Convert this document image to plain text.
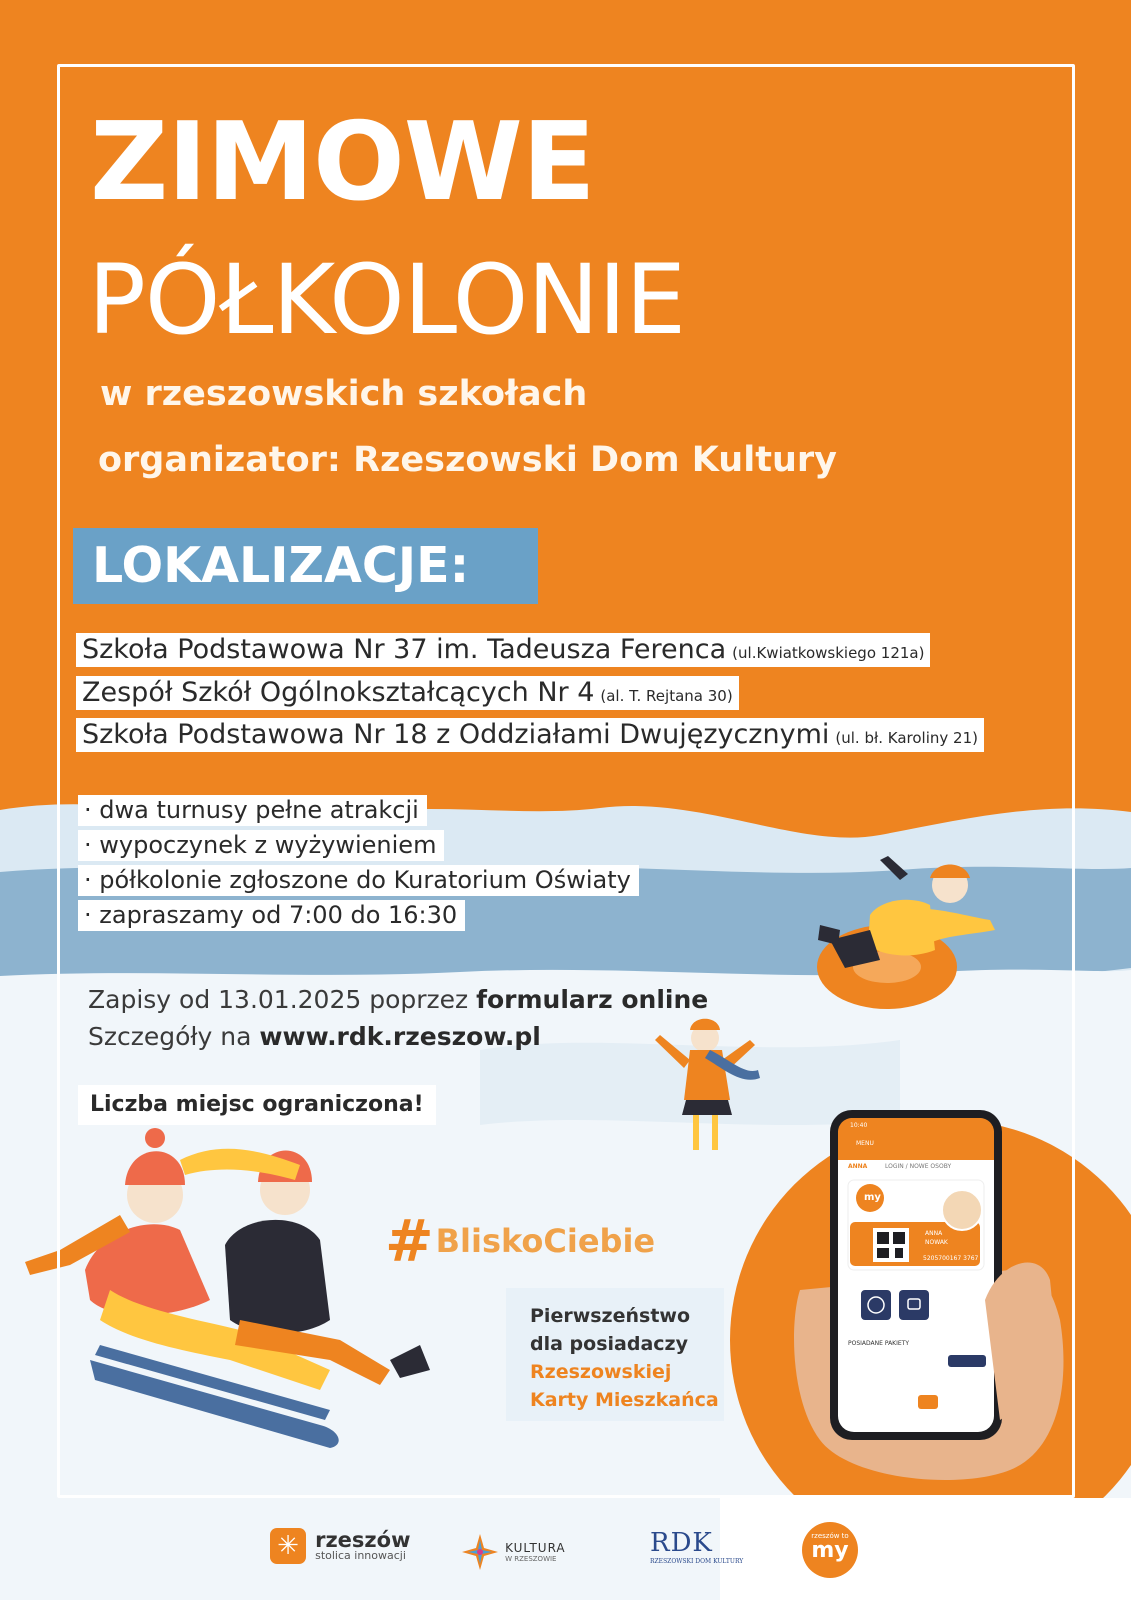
ZIMOWE
PÓŁKOLONIE
w rzeszowskich szkołach
organizator: Rzeszowski Dom Kultury
LOKALIZACJE:
Szkoła Podstawowa Nr 37 im. Tadeusza Ferenca (ul.Kwiatkowskiego 121a)
Zespół Szkół Ogólnokształcących Nr 4 (al. T. Rejtana 30)
Szkoła Podstawowa Nr 18 z Oddziałami Dwujęzycznymi (ul. bł. Karoliny 21)
· dwa turnusy pełne atrakcji
· wypoczynek z wyżywieniem
· półkolonie zgłoszone do Kuratorium Oświaty
· zapraszamy od 7:00 do 16:30
Zapisy od 13.01.2025 poprzez formularz online
Szczegóły na www.rdk.rzeszow.pl
Liczba miejsc ograniczona!
#BliskoCiebie
Pierwszeństwo
dla posiadaczy
Rzeszowskiej
Karty Mieszkańca
10:40
MENU
ANNA	LOGIN / NOWE OSOBY
my
ANNA
NOWAK
5205700167 3767
POSIADANE PAKIETY
✳ rzeszów
stolica innowacji

KULTURA
W RZESZOWIE
RDK
RZESZOWSKI DOM KULTURY
rzeszów to
my
